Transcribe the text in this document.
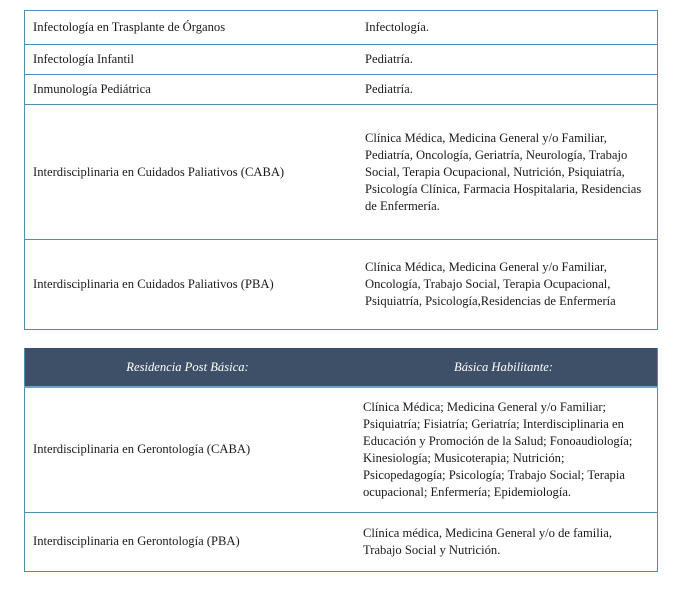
Infectología en Trasplante de Órganos	Infectología.
Infectología Infantil	Pediatría.
Inmunología Pediátrica	Pediatría.
Interdisciplinaria en Cuidados Paliativos (CABA)	Clínica Médica, Medicina General y/o Familiar, Pediatría, Oncología, Geriatría, Neurología, Trabajo Social, Terapia Ocupacional, Nutrición, Psiquiatría, Psicología Clínica, Farmacia Hospitalaria, Residencias de Enfermería.
Interdisciplinaria en Cuidados Paliativos (PBA)	Clínica Médica, Medicina General y/o Familiar, Oncología, Trabajo Social, Terapia Ocupacional, Psiquiatría, Psicología,Residencias de Enfermería
Residencia Post Básica:	Básica Habilitante:
Interdisciplinaria en Gerontología (CABA)	Clínica Médica; Medicina General y/o Familiar; Psiquiatría; Fisiatría; Geriatría; Interdisciplinaria en Educación y Promoción de la Salud; Fonoaudiología; Kinesiología; Musicoterapia; Nutrición; Psicopedagogía; Psicología; Trabajo Social; Terapia ocupacional; Enfermería; Epidemiología.
Interdisciplinaria en Gerontología (PBA)	Clínica médica, Medicina General y/o de familia, Trabajo Social y Nutrición.
